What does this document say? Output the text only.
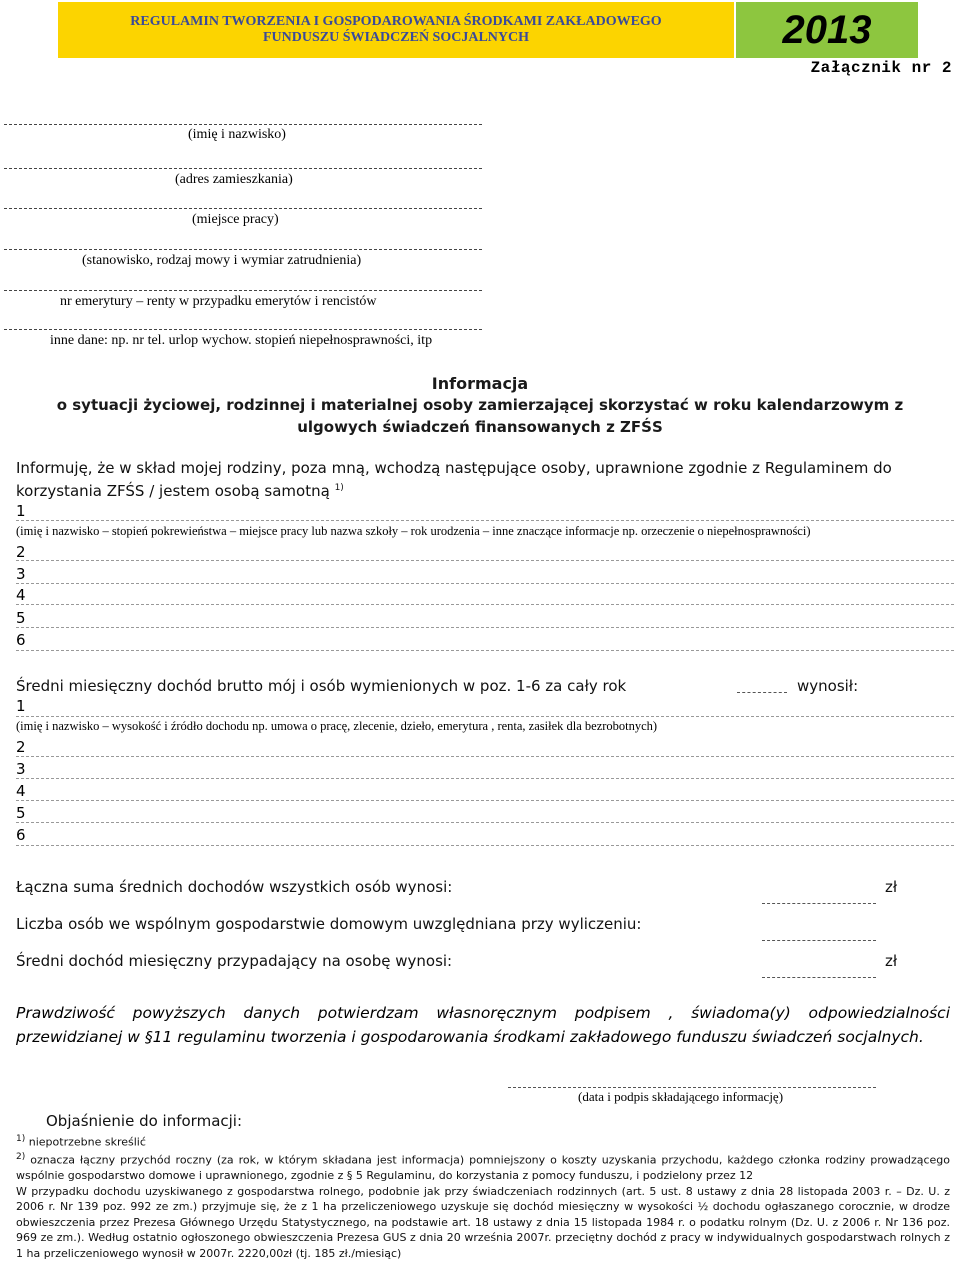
REGULAMIN TWORZENIA I GOSPODAROWANIA ŚRODKAMI ZAKŁADOWEGO
FUNDUSZU ŚWIADCZEŃ SOCJALNYCH	2013
Załącznik nr 2
(imię i nazwisko)
(adres zamieszkania)
(miejsce pracy)
(stanowisko, rodzaj mowy i wymiar zatrudnienia)
nr emerytury – renty w przypadku emerytów i rencistów
inne dane: np. nr tel. urlop wychow. stopień niepełnosprawności, itp
Informacja
o sytuacji życiowej, rodzinnej i materialnej osoby zamierzającej skorzystać w roku kalendarzowym z
ulgowych świadczeń finansowanych z ZFŚS
Informuję, że w skład mojej rodziny, poza mną, wchodzą następujące osoby, uprawnione zgodnie z Regulaminem do
korzystania ZFŚS / jestem osobą samotną $^{1)}$
1
(imię i nazwisko – stopień pokrewieństwa – miejsce pracy lub nazwa szkoły – rok urodzenia – inne znaczące informacje np. orzeczenie o niepełnosprawności)
2
3
4
5
6
Średni miesięczny dochód brutto mój i osób wymienionych w poz. 1-6 za cały rok	wynosił:
1
(imię i nazwisko – wysokość i źródło dochodu np. umowa o pracę, zlecenie, dzieło, emerytura , renta, zasiłek dla bezrobotnych)
2
3
4
5
6
Łączna suma średnich dochodów wszystkich osób wynosi:	zł
Liczba osób we wspólnym gospodarstwie domowym uwzględniana przy wyliczeniu:
Średni dochód miesięczny przypadający na osobę wynosi:	zł
Prawdziwość powyższych danych potwierdzam własnoręcznym podpisem , świadoma(y) odpowiedzialności przewidzianej w §11 regulaminu tworzenia i gospodarowania środkami zakładowego funduszu świadczeń socjalnych.
(data i podpis składającego informację)
Objaśnienie do informacji:

$^{1)}$ niepotrzebne skreślić

$^{2)}$ oznacza łączny przychód roczny (za rok, w którym składana jest informacja) pomniejszony o koszty uzyskania przychodu, każdego członka rodziny prowadzącego wspólnie gospodarstwo domowe i uprawnionego, zgodnie z § 5 Regulaminu, do korzystania z pomocy funduszu, i podzielony przez 12

W przypadku dochodu uzyskiwanego z gospodarstwa rolnego, podobnie jak przy świadczeniach rodzinnych (art. 5 ust. 8 ustawy z dnia 28 listopada 2003 r. – Dz. U. z 2006 r. Nr 139 poz. 992 ze zm.) przyjmuje się, że z 1 ha przeliczeniowego uzyskuje się dochód miesięczny w wysokości ½ dochodu ogłaszanego corocznie, w drodze obwieszczenia przez Prezesa Głównego Urzędu Statystycznego, na podstawie art. 18 ustawy z dnia 15 listopada 1984 r. o podatku rolnym (Dz. U. z 2006 r. Nr 136 poz. 969 ze zm.). Według ostatnio ogłoszonego obwieszczenia Prezesa GUS z dnia 20 września 2007r. przeciętny dochód z pracy w indywidualnych gospodarstwach rolnych z 1 ha przeliczeniowego wynosił w 2007r. 2220,00zł (tj. 185 zł./miesiąc)
